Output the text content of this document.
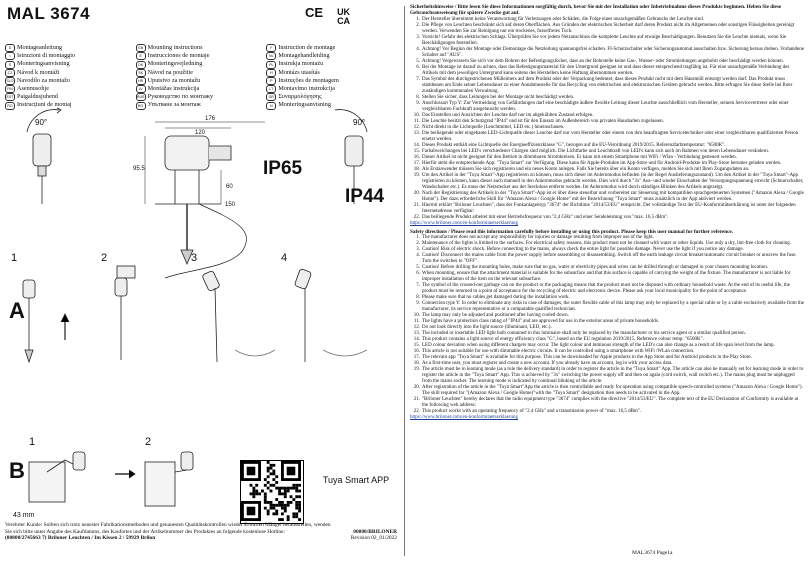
MAL 3674	CE UK CA
D Montageanleitung	GB Mounting instructions	F Instruction de montage
I	Istruzioni di montaggio	E Instrucciones de montaje	NL Montagehandleiding
S Monteringsanvisning	DK Monteringsvejledning	PL Instrukja montażu
CZ Návod k montáži	SK Návod na použitie	H Montázs utasítás
SLO Navodilo za montažo	HR Uputstvo za montažu	P Instruções de montagem
FIN Asennusohje	LV Montāžas instrukcija	LT Montavimo instrukcija
EST Paigaldusjuhend	RUS Руководство по монтажу	GR Συναρμολόγησης
RO Instrucțiuni de montaj	BG Упътване за монтаж	N Monteringsanvisning
90°	90°
176
120
95.5
60
150
IP65
IP44
1	2	3	4
A
B
1	2
43 mm
Tuya Smart APP
Verehrter Kunde: Sollten sich trotz neuester Fabrikationsmethoden und genauesten Qualitätskontrollen wieder Erwarten Mängel herausstellen, wenden
Sie sich bitte unter Angabe des Kaufdatums, des Kaufortes und der Artikelnummer des Produktes an folgende kostenlose Hotline:	00800/BRILONER
(00800/2745663 7) Briloner Leuchten / Im Kissen 2 / 59929 Brilon	Revision 02_01/2022

Sicherheitshinweise / Bitte lesen Sie diese Informationen sorgfältig durch, bevor Sie mit der Installation oder Inbetriebnahme dieses Produkts beginnen. Heben Sie diese Gebrauchsanweisung für spätere Zwecke gut auf.

1. Der Hersteller übernimmt keine Verantwortung für Verletzungen oder Schäden, die Folge eines unsachgemäßen Gebrauchs der Leuchte sind.
2. Die Pflege von Leuchten beschränkt sich auf deren Oberflächen. Aus Gründen der elektrischen Sicherheit darf deren Produkt nicht im Allgemeinen oder sonstigen Flüssigkeiten gereinigt werden. Verwenden Sie zur Reinigung nur ein trockenes, fusselfreies Tuch.
3. Vorsicht! Gefahr des elektrischen Schlags. Überprüfen Sie vor jedem Netzanschluss die komplette Leuchte auf etwaige Beschädigungen. Benutzen Sie die Leuchte niemals, wenn Sie Beschädigungen feststellen.
4. Achtung! Vor Beginn der Montage oder Demontage die Netzleitung spannungsfrei schalten. FI-Schutzschalter oder Sicherungsautomat ausschalten bzw. Sicherung heraus drehen. Vorhandene Schalter auf "AUS".
5. Achtung! Vergewissern Sie sich vor dem Bohren der Befestigungslöcher, dass an der Bohrstelle keine Gas-, Wasser- oder Stromleitungen angebohrt oder beschädigt werden können.
6. Bei der Montage ist darauf zu achten, dass das Befestigungsmaterial für den Untergrund geeignet ist und dass dieser entsprechend tragfähig ist. Für eine unsachgemäße Verbindung des Artikels mit dem jeweiligen Untergrund kann seitens des Herstellers keine Haftung übernommen werden.
7. Das Symbol des durchgestrichenen Mülleimers auf dem Produkt oder der Verpackung bedeutet, dass dieses Produkt nicht mit dem Hausmüll entsorgt werden darf. Das Produkt muss stattdessen am Ende seiner Lebensdauer zu einer Annahmestelle für das Recycling von elektrischen und elektronischen Geräten gebracht werden. Bitte erfragen Sie diese Stelle bei Ihrer zuständigen kommunalen Verwaltung.
8. Stellen Sie sicher, dass Leitungen bei der Montage nicht beschädigt werden.
9. Anschlussart Typ Y: Zur Vermeidung von Gefährdungen darf eine beschädigte äußere flexible Leitung dieser Leuchte ausschließlich vom Hersteller, seinem Servicevertreter oder einer vergleichbaren Fachkraft ausgetauscht werden.
10. Das Einstellen und Ausrichten der Leuchte darf nur im abgekühlten Zustand erfolgen.
11. Die Leuchte besitzt den Schutzgrad "IP44" und ist für den Einsatz im Außenbereich von privaten Haushalten zugelassen.
12. Nicht direkt in die Lichtquelle (Leuchtmittel, LED etc.) hineinschauen.
13. Die beiliegende oder eingebaute LED-Lichtquelle dieser Leuchte darf nur vom Hersteller oder einem von ihm beauftragten Servicetechniker oder einer vergleichbaren qualifizierten Person ersetzt werden.
14. Dieses Produkt enthält eine Lichtquelle der Energieeffizienzklasse "G", bezogen auf die EU-Verordnung 2019/2015. Referenzfarbtemperatur: "6500K".
15. Farbabweichungen bei LED's verschiedener Chargen sind möglich. Die Lichtfarbe und Leuchtkraft von LED's kann sich auch im Rahmen von deren Lebensdauer verändern.
16. Dieser Artikel ist nicht geeignet für den Betrieb in dimmbaren Stromkreisen. Er kann mit einem Smartphone mit WiFi / Wlan - Verbindung gesteuert werden.
17. Hierfür steht die entsprechende App: "Tuya Smart" zur Verfügung. Diese kann für Apple-Produkte im App-Store und für Android-Produkte im Play-Store herunter geladen werden.
18. Als Erstanwender müssen Sie sich registrieren und ein neues Konto anlegen. Falls Sie bereits über ein Konto verfügen, melden Sie sich mit Ihren Zugangsdaten an.
19. Um den Artikel in der "Tuya Smart"-App registrieren zu können, muss sich dieser im Anlernmodus befinden (in der Regel Auslieferungszustand). Um den Artikel in der "Tuya Smart"-App registrieren zu können, kann dieser auch manuell in den Anlernmodus gebracht werden. Dies wird durch "3x" Aus- und wieder Einschalten der Versorgungsspannung erreicht (Schnurschalter, Wandschalter etc.). Es muss der Netzstecker aus der Steckdose entfernt werden. Im Anlernmodus wird durch ständiges Blinken des Artikels angezeigt.
20. Nach der Registrierung des Artikels in der "Tuya Smart"-App ist er über diese steuerbar und vorbereitet zur Steuerung mit kompatiblen sprachgesteuerten Systemen ("Amazon Alexa / Google Home"). Der dazu erforderliche Skill für "Amazon Alexa / Google Home" mit der Bezeichnung "Tuya Smart" muss zusätzlich in der App aktiviert werden.
21. Hiermit erklärt "Briloner Leuchten", dass der Funkanlagentyp "3674" der Richtlinie "2014/53/EU" entspricht. Der vollständige Text der EU-Konformitätserklärung ist unter der folgenden Internetadresse verfügbar:
22. Das beiliegende Produkt arbeitet mit einer Betriebsfrequenz von "2,4 GHz" und einer Sendeleistung von "max. 16,5 dBm".
https://www.briloner.com/en-konformitaetserklaerung

Safety directions / Please read this information carefully before installing or using this product. Please keep this user manual for further reference.

1. The manufacturer does not accept any responsibility for injuries or damage resulting from improper use of the light.
2. Maintenance of the lights is limited to the surfaces. For electrical safety reasons, this product must not be cleaned with water or other liquids. Use only a dry, lint-free cloth for cleaning.
3. Caution! Risk of electric shock. Before connecting to the mains, always check the entire light for possible damage. Never use the light if you notice any damage.
4. Caution! Disconnect the mains cable from the power supply before assembling or disassembling. Switch off the earth leakage circuit breaker/automatic circuit breaker or unscrew the fuse. Turn the switches to "OFF".
5. Caution! Before drilling the mounting holes, make sure that no gas, water or electricity pipes and wires can be drilled through or damaged in your chosen mounting location.
6. When mounting, ensure that the attachment material is suitable for the subsurface and that this surface is capable of carrying the weight of the fixture. The manufacturer is not liable for improper installation of the item on the relevant subsurface.
7. The symbol of the crossed-out garbage can on the product or the packaging means that the product must not be disposed with ordinary household waste. At the end of its useful life, the product must be returned to a point of acceptance for the recycling of electric and electronic device. Please ask your local municipality for the point of acceptance.
8. Please make sure that no cables get damaged during the installation work.
9. Connection type Y: In order to eliminate any risks in case of damages, the outer flexible cable of this lamp may only be replaced by a special cable or by a cable exclusively available from the manufacturer, its service representative or a comparable qualified technician.
10. The lamp may only be adjusted and positioned after having cooled down.
11. The lights have a protection class rating of "IP44" and are approved for use in the exterior areas of private households.
12. Do not look directly into the light source (illuminant, LED, etc.).
13. The included or insertable LED light bulb contained in this luminaire shall only be replaced by the manufacturer or his service agent or a similar qualified person.
14. This product contains a light source of energy efficiency class "G", based on the EU regulation 2019/2015. Reference colour temp: "6500K".
15. LED colour deviation when using different chargers may occur. The light colour and luminous strength of the LED's can also change as a result of life span level from the lamp.
16. This article is not suitable for use with dimmable electric circuits. It can be controlled using a smartphone with WiFi /WLan connection.
17. The relevant app "Tuya Smart" is available for this purpose. This can be downloaded for Apple products in the App Store and for Android products in the Play Store.
18. As a first-time user, you must register and create a new account. If you already have an account, log in with your access data.
19. The article must be in learning mode (as a rule the delivery standard) in order to register the article in the "Tuya Smart" App. The article can also be manually set for learning mode in order to register the article in the "Tuya Smart" App. This is achieved by "3x" switching the power supply off and then on again (cord switch, wall switch etc.). The mains plug must be unplugged from the mains socket. The learning mode is indicated by continual blinking of the article.
20. After registration of the article in the "Tuya Smart"App the article is then controllable and ready for operation using compatible speech-controlled systems ("Amazon Alexa / Google Home"). The skill required for "(Amazon Alexa / Google Home)"with the "Tuya Smart" designation then needs to be activated in the App.
21. "Briloner Leuchten" hereby declares that the radio equipment type "3674" complies with the directive "2014/53/EU". The complete text of the EU Declaration of Conformity is available at the following web address:
22. This product works with an operating frequency of "2.4 GHz" and a transmission power of "max. 16,5 dBm".
https://www.briloner.com/en-konformitaetserklaerung
MAL3674 Page1a
